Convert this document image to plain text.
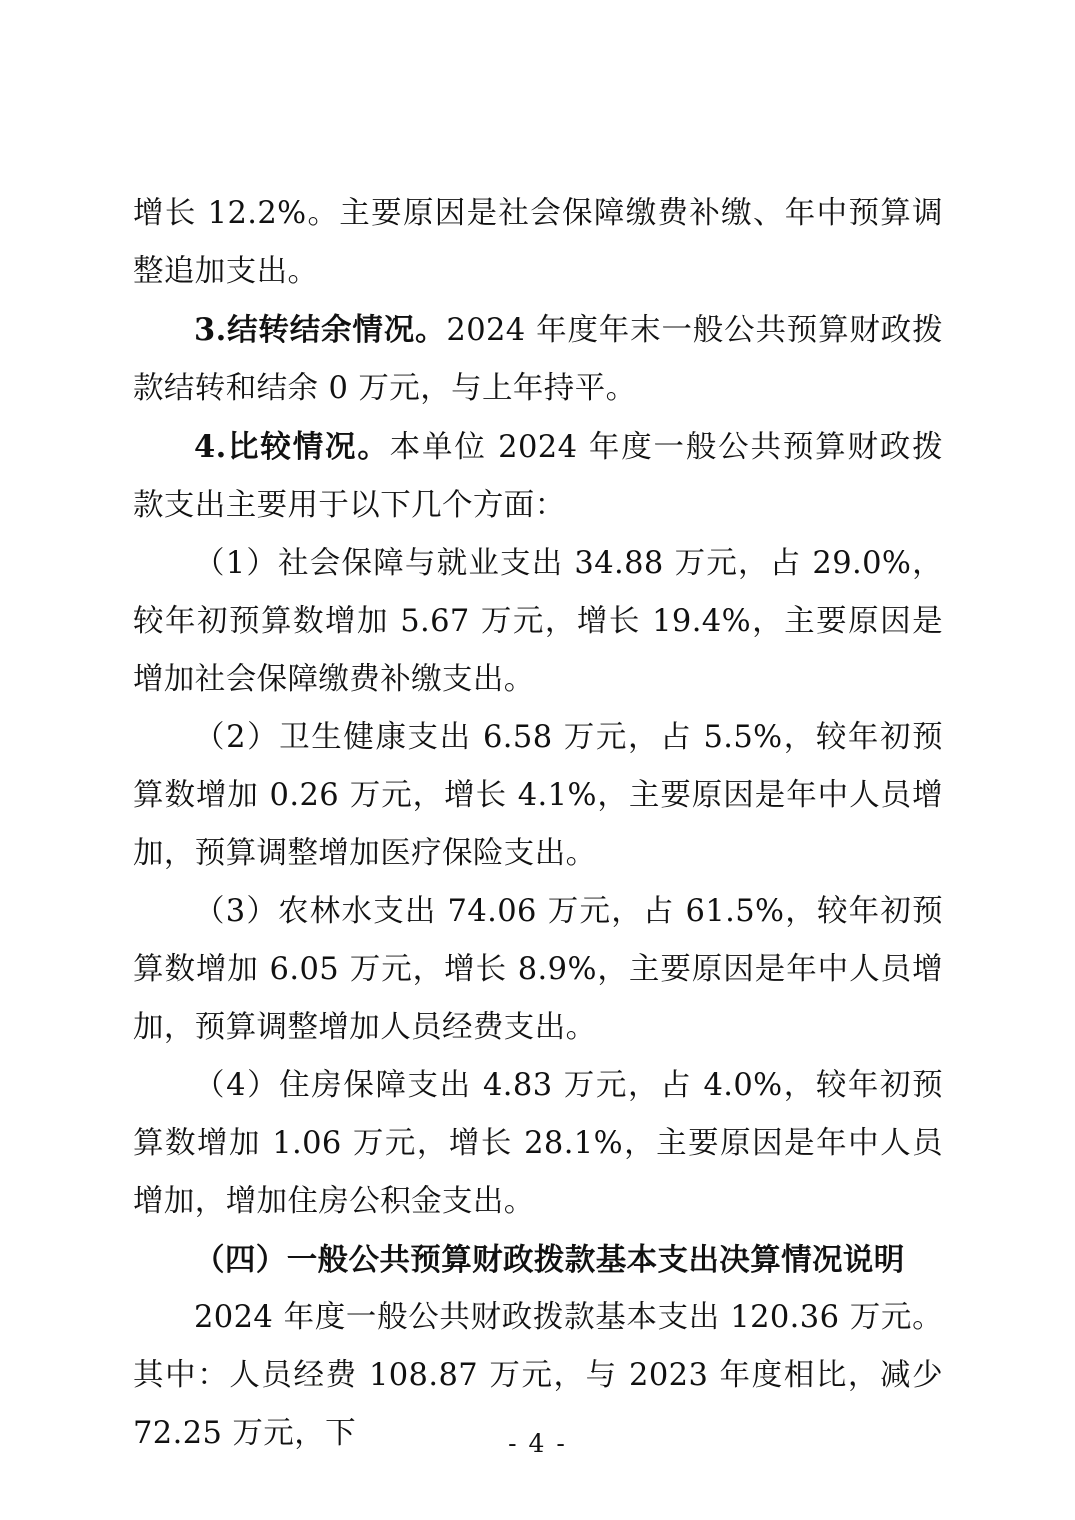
增长 12.2%。主要原因是社会保障缴费补缴、年中预算调整追加支出。

3.结转结余情况。2024 年度年末一般公共预算财政拨款结转和结余 0 万元，与上年持平。

4.比较情况。本单位 2024 年度一般公共预算财政拨款支出主要用于以下几个方面：

（1）社会保障与就业支出 34.88 万元，占 29.0%，较年初预算数增加 5.67 万元，增长 19.4%，主要原因是增加社会保障缴费补缴支出。

（2）卫生健康支出 6.58 万元，占 5.5%，较年初预算数增加 0.26 万元，增长 4.1%，主要原因是年中人员增加，预算调整增加医疗保险支出。

（3）农林水支出 74.06 万元，占 61.5%，较年初预算数增加 6.05 万元，增长 8.9%，主要原因是年中人员增加，预算调整增加人员经费支出。

（4）住房保障支出 4.83 万元，占 4.0%，较年初预算数增加 1.06 万元，增长 28.1%，主要原因是年中人员增加，增加住房公积金支出。

（四）一般公共预算财政拨款基本支出决算情况说明

2024 年度一般公共财政拨款基本支出 120.36 万元。其中：人员经费 108.87 万元，与 2023 年度相比，减少 72.25 万元，下	- 4 -
